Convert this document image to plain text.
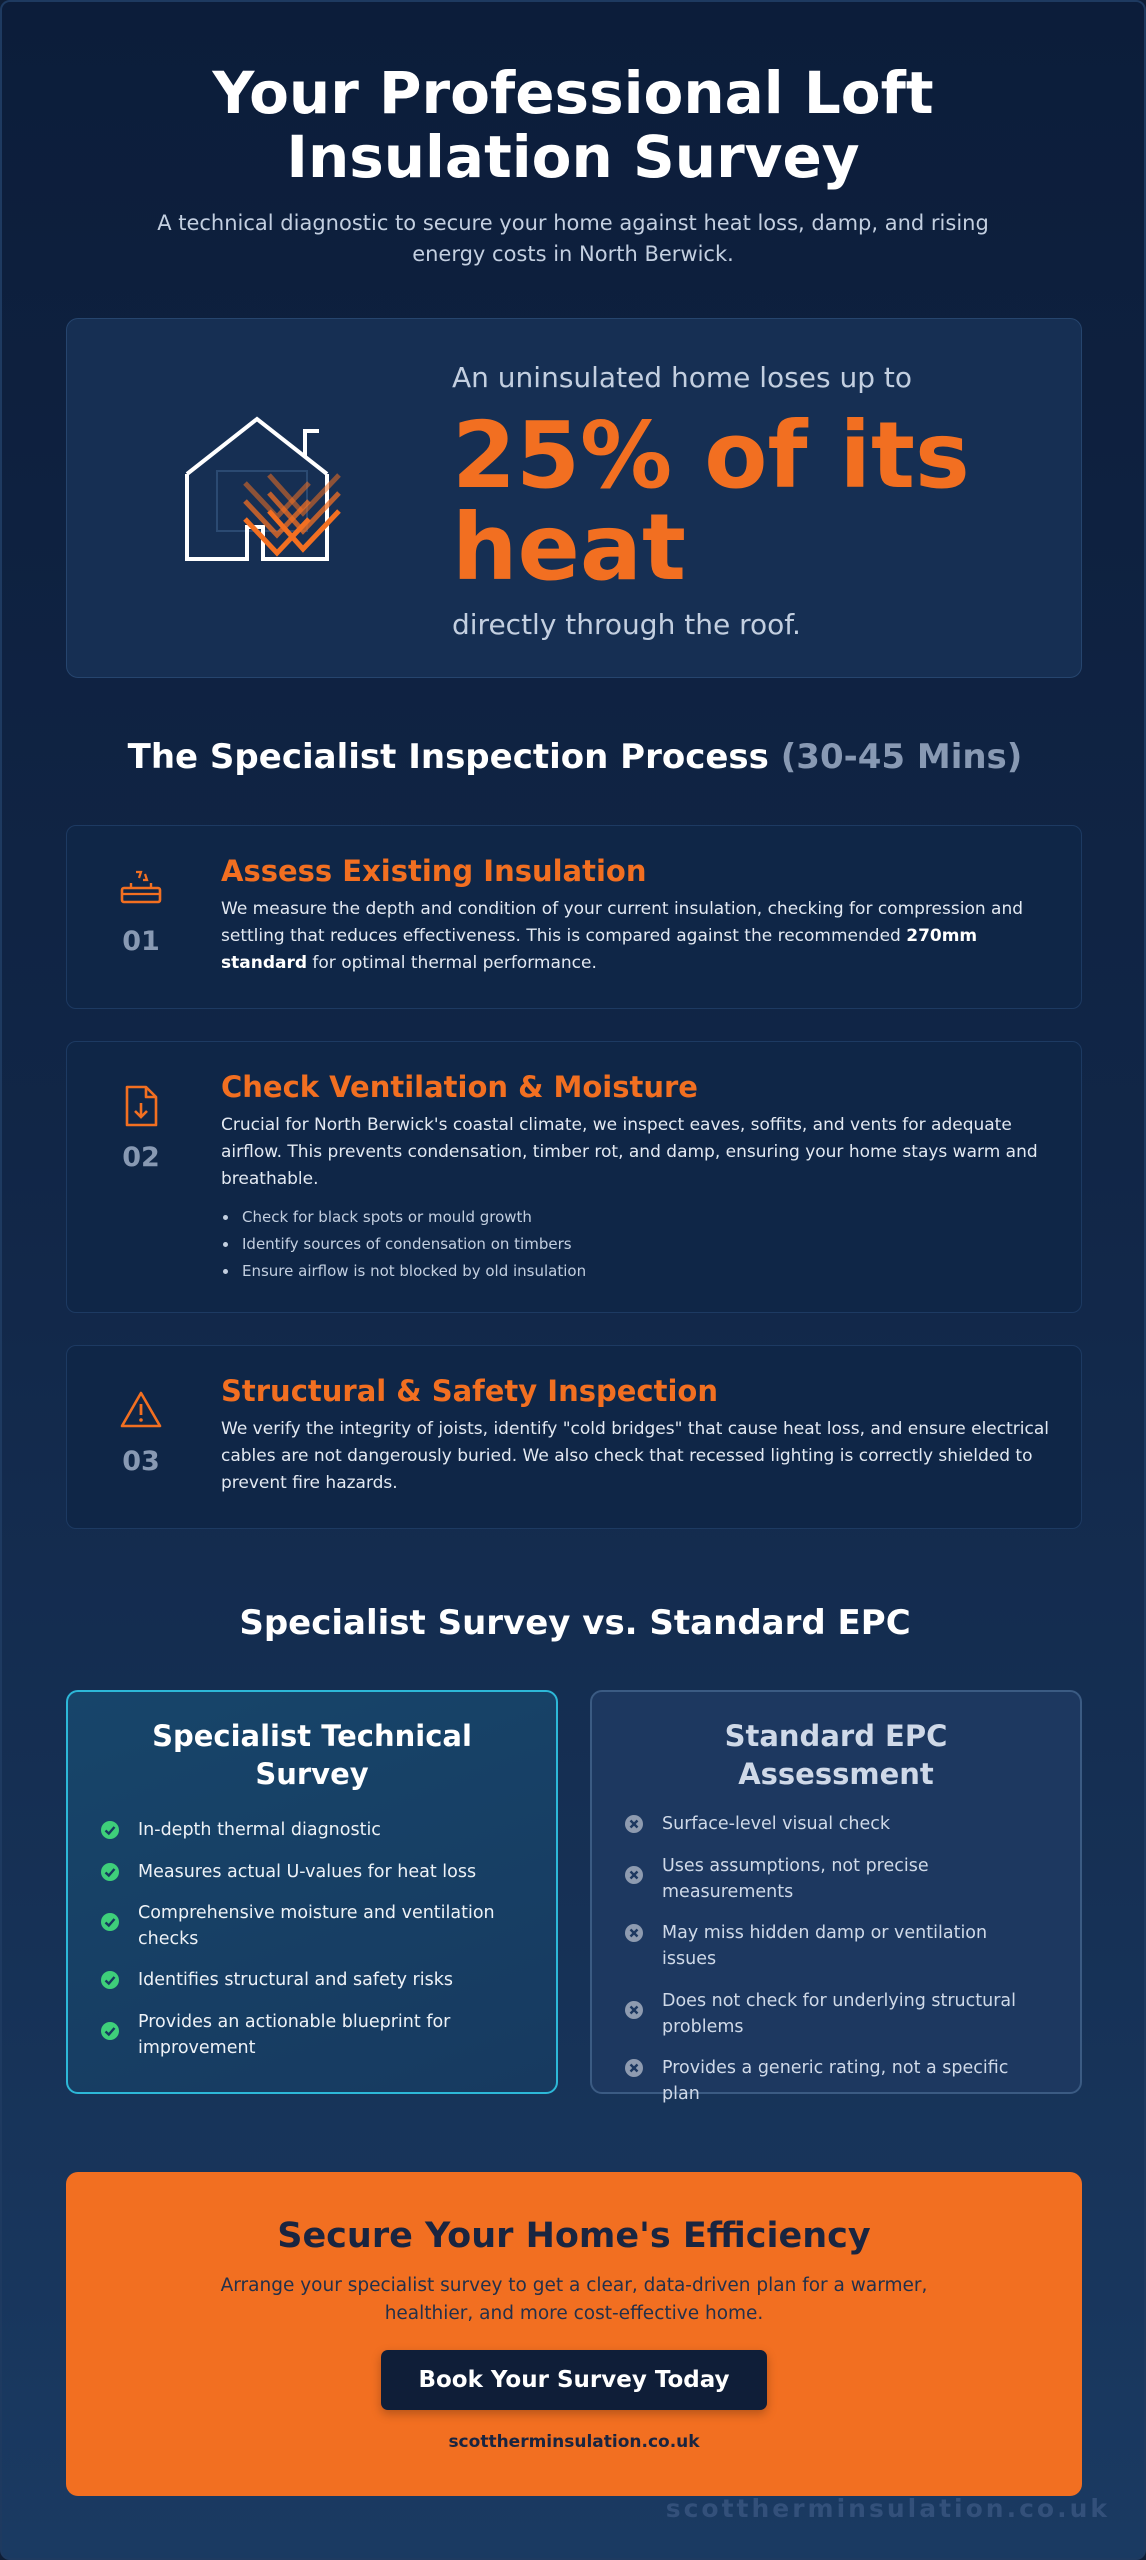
Your Professional Loft Insulation Survey

A technical diagnostic to secure your home against heat loss, damp, and rising energy costs in North Berwick.

An uninsulated home loses up to
25% of its heat
directly through the roof.
The Specialist Inspection Process (30-45 Mins)
01
Assess Existing Insulation

We measure the depth and condition of your current insulation, checking for compression and settling that reduces effectiveness. This is compared against the recommended 270mm standard for optimal thermal performance.

02
Check Ventilation & Moisture

Crucial for North Berwick's coastal climate, we inspect eaves, soffits, and vents for adequate airflow. This prevents condensation, timber rot, and damp, ensuring your home stays warm and breathable.

Check for black spots or mould growth
Identify sources of condensation on timbers
Ensure airflow is not blocked by old insulation
03
Structural & Safety Inspection

We verify the integrity of joists, identify "cold bridges" that cause heat loss, and ensure electrical cables are not dangerously buried. We also check that recessed lighting is correctly shielded to prevent fire hazards.

Specialist Survey vs. Standard EPC
Specialist Technical Survey
In-depth thermal diagnostic
Measures actual U-values for heat loss
Comprehensive moisture and ventilation checks
Identifies structural and safety risks
Provides an actionable blueprint for improvement
Standard EPC Assessment
Surface-level visual check
Uses assumptions, not precise measurements
May miss hidden damp or ventilation issues
Does not check for underlying structural problems
Provides a generic rating, not a specific plan
Secure Your Home's Efficiency

Arrange your specialist survey to get a clear, data-driven plan for a warmer, healthier, and more cost-effective home.

Book Your Survey Today
scottherminsulation.co.uk
scottherminsulation.co.uk
